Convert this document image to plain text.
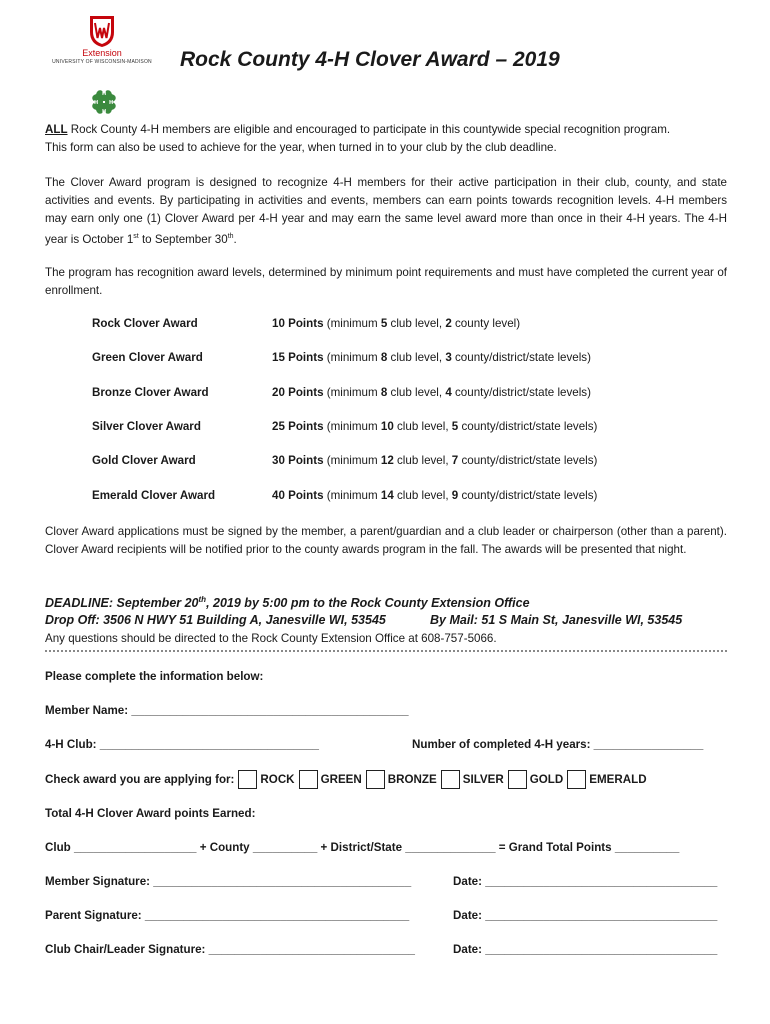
Extension
UNIVERSITY OF WISCONSIN-MADISON Rock County 4-H Clover Award – 2019
H
H
H
H
ALL Rock County 4-H members are eligible and encouraged to participate in this countywide special recognition program.
This form can also be used to achieve for the year, when turned in to your club by the club deadline.
The Clover Award program is designed to recognize 4-H members for their active participation in their club, county, and state activities and events. By participating in activities and events, members can earn points towards recognition levels. 4-H members may earn only one (1) Clover Award per 4-H year and may earn the same level award more than once in their 4-H years. The 4-H year is October 1st to September 30th.
The program has recognition award levels, determined by minimum point requirements and must have completed the current year of enrollment.
Rock Clover Award	10 Points (minimum 5 club level, 2 county level)
Green Clover Award	15 Points (minimum 8 club level, 3 county/district/state levels)
Bronze Clover Award	20 Points (minimum 8 club level, 4 county/district/state levels)
Silver Clover Award	25 Points (minimum 10 club level, 5 county/district/state levels)
Gold Clover Award	30 Points (minimum 12 club level, 7 county/district/state levels)
Emerald Clover Award	40 Points (minimum 14 club level, 9 county/district/state levels)
Clover Award applications must be signed by the member, a parent/guardian and a club leader or chairperson (other than a parent). Clover Award recipients will be notified prior to the county awards program in the fall. The awards will be presented that night.
DEADLINE: September 20th, 2019 by 5:00 pm to the Rock County Extension Office
Drop Off: 3506 N HWY 51 Building A, Janesville WI, 53545	By Mail: 51 S Main St, Janesville WI, 53545
Any questions should be directed to the Rock County Extension Office at 608-757-5066.
Please complete the information below:
Member Name: ___________________________________________
4-H Club: __________________________________	Number of completed 4-H years: _________________
Check award you are applying for: ROCK GREEN BRONZE SILVER GOLD EMERALD
Total 4-H Clover Award points Earned:
Club ___________________ + County __________ + District/State ______________ = Grand Total Points __________
Member Signature: ________________________________________	Date: ____________________________________
Parent Signature: _________________________________________	Date: ____________________________________
Club Chair/Leader Signature: ________________________________	Date: ____________________________________
